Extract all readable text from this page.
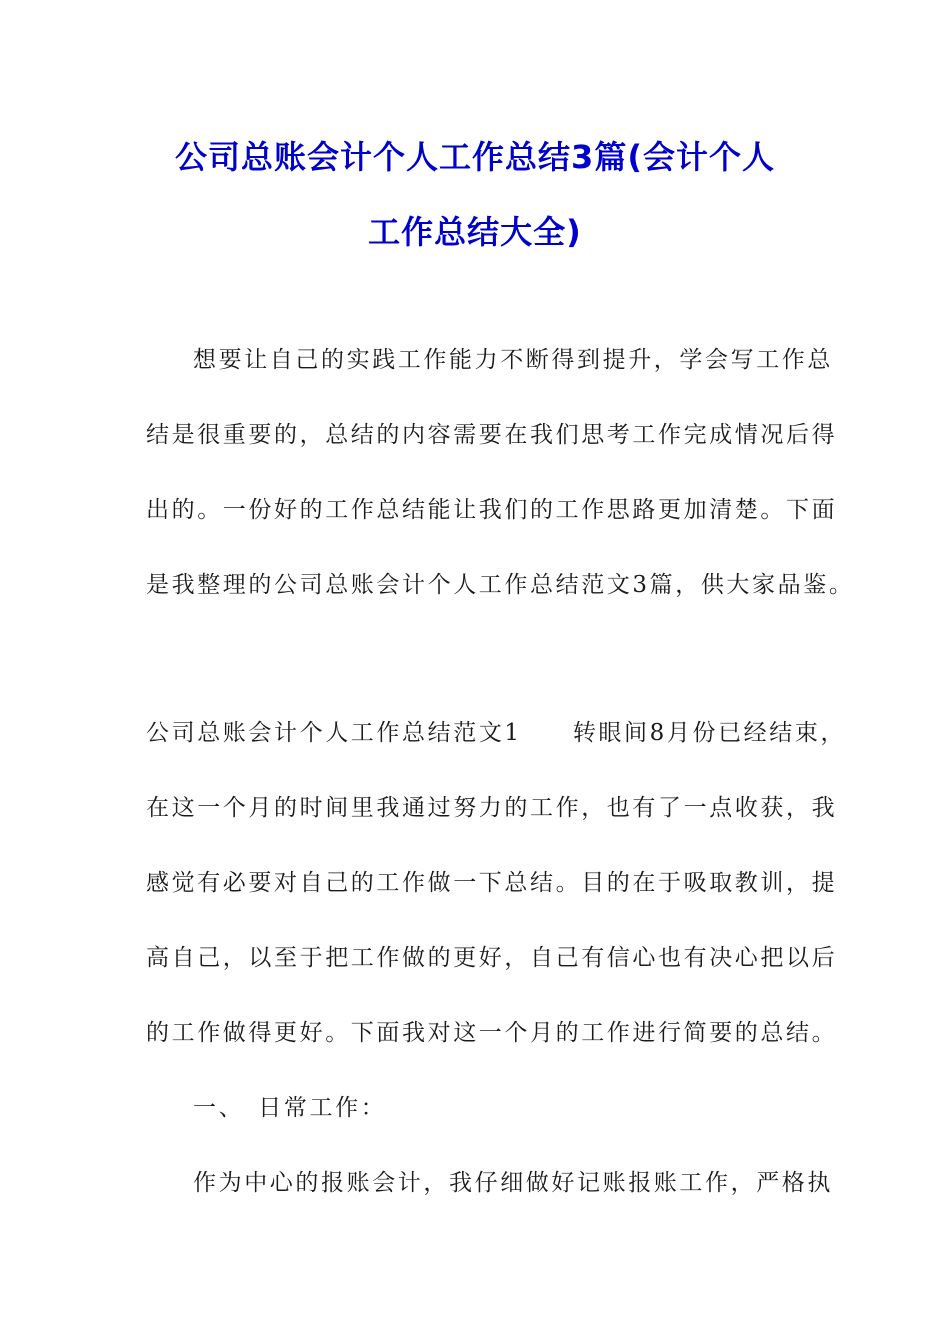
公司总账会计个人工作总结3篇(会计个人
工作总结大全)
想要让自己的实践工作能力不断得到提升，学会写工作总
结是很重要的，总结的内容需要在我们思考工作完成情况后得
出的。一份好的工作总结能让我们的工作思路更加清楚。下面
是我整理的公司总账会计个人工作总结范文3篇，供大家品鉴。
公司总账会计个人工作总结范文1　　转眼间8月份已经结束，
在这一个月的时间里我通过努力的工作，也有了一点收获，我
感觉有必要对自己的工作做一下总结。目的在于吸取教训，提
高自己，以至于把工作做的更好，自己有信心也有决心把以后
的工作做得更好。下面我对这一个月的工作进行简要的总结。
一、　日常工作：
作为中心的报账会计，我仔细做好记账报账工作，严格执
